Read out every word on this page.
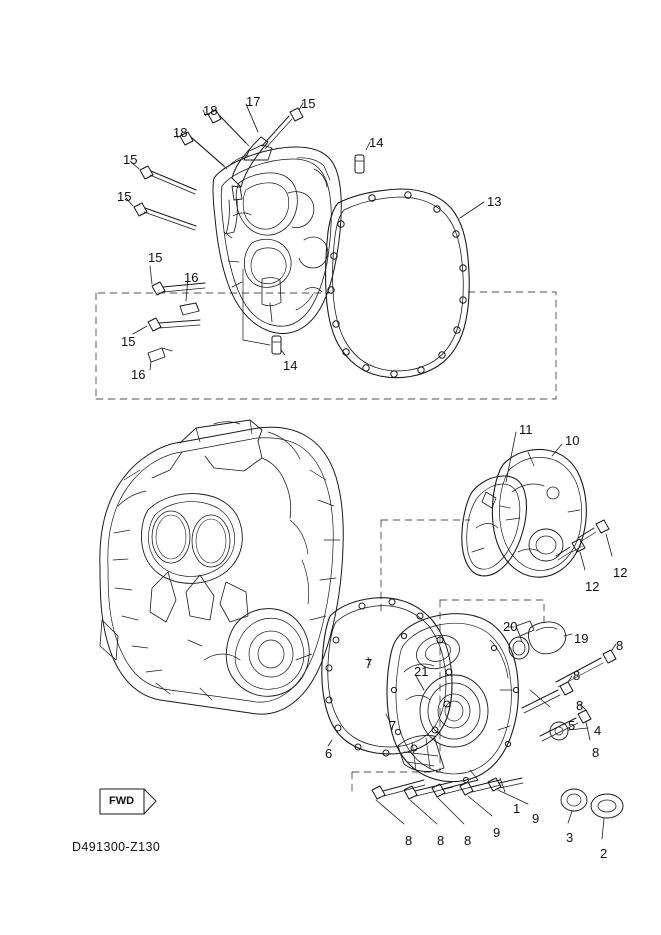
18
17	15
14
18
15
15	13
15
16
15
14
16
11
10
12
12
20
19 8
8
7
21
8
5 4
7
8
6
1
9
9
3
2
8 8 8
FWD
D491300-Z130
